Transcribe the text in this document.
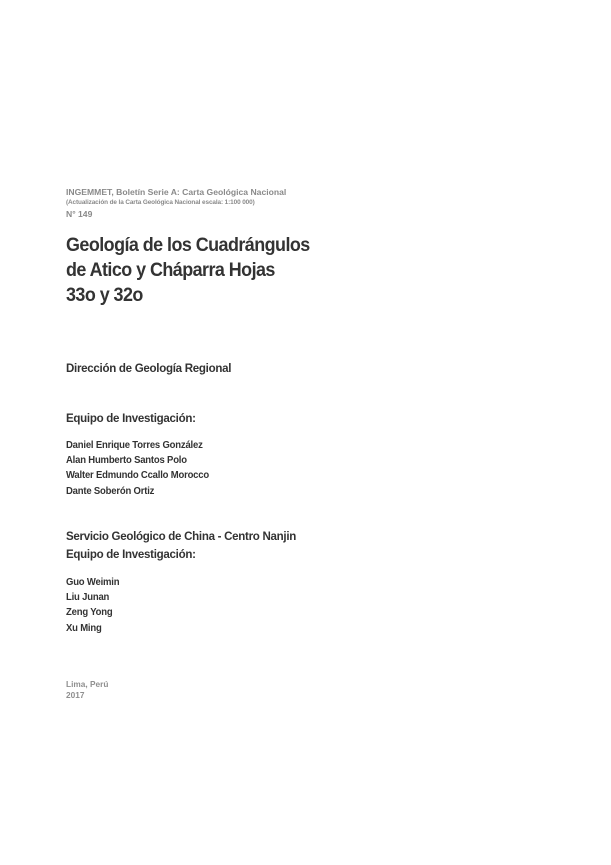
INGEMMET, Boletín Serie A: Carta Geológica Nacional
(Actualización de la Carta Geológica Nacional escala: 1:100 000)
N° 149
Geología de los Cuadrángulos
de Atico y Cháparra Hojas
33o y 32o
Dirección de Geología Regional
Equipo de Investigación:
Daniel Enrique Torres González
Alan Humberto Santos Polo
Walter Edmundo Ccallo Morocco
Dante Soberón Ortiz
Servicio Geológico de China - Centro Nanjin
Equipo de Investigación:
Guo Weimin
Liu Junan
Zeng Yong
Xu Ming
Lima, Perú
2017
